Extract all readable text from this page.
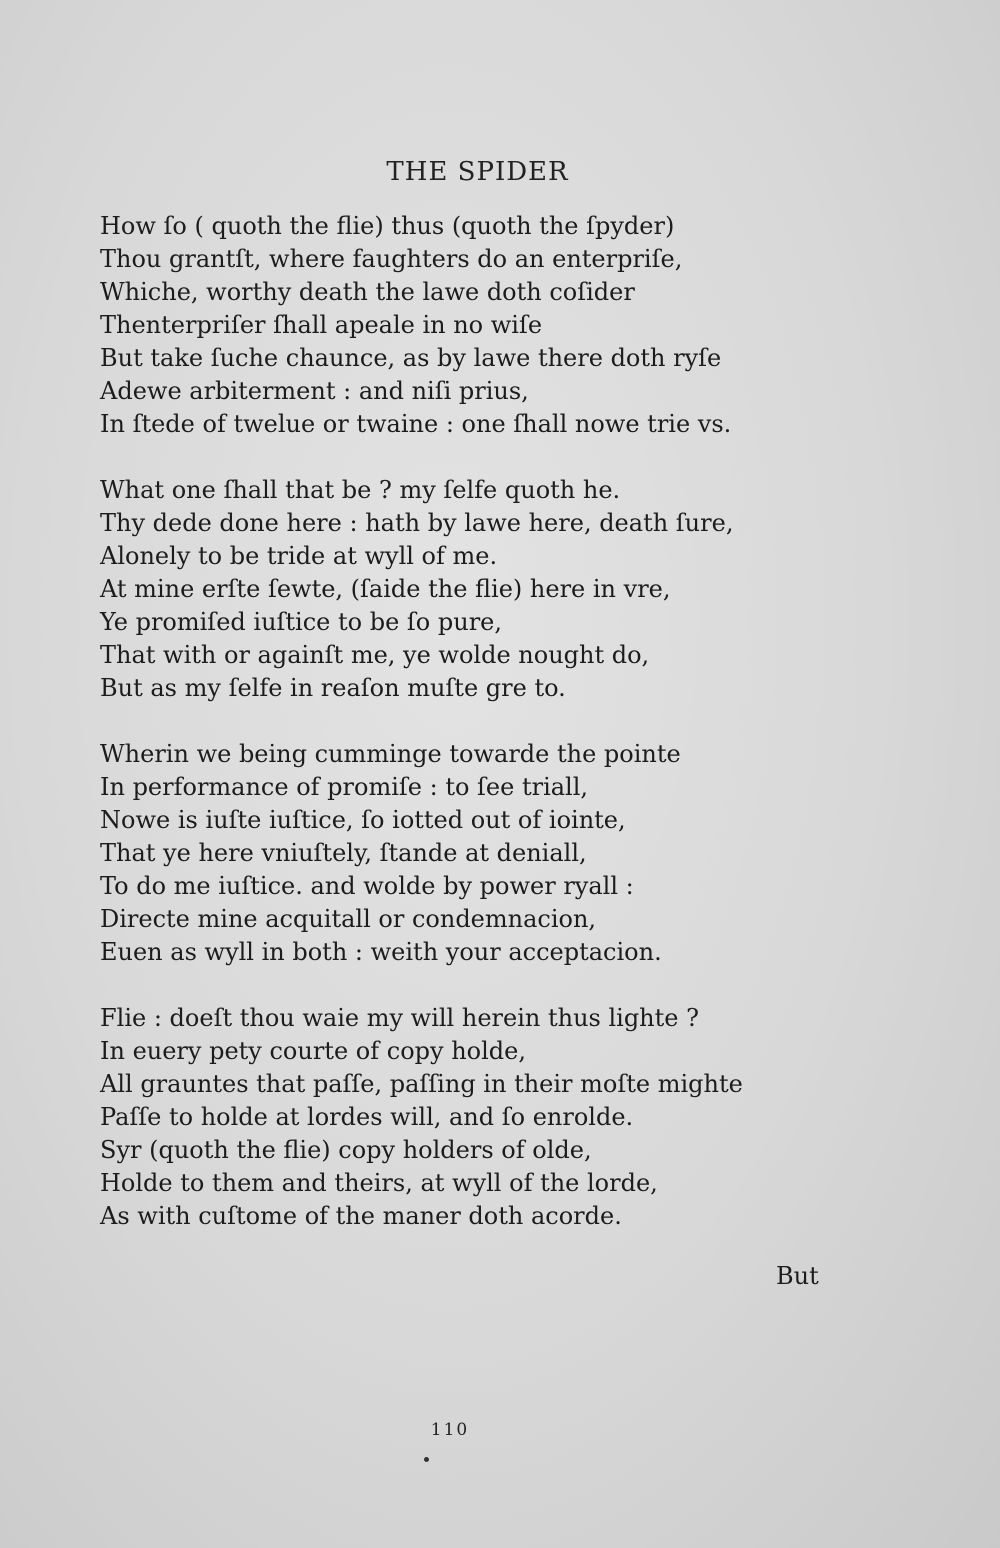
THE SPIDER
How ſo ( quoth the flie) thus (quoth the ſpyder)
Thou grantſt, where faughters do an enterpriſe,
Whiche, worthy death the lawe doth coſider
Thenterpriſer ſhall apeale in no wiſe
But take ſuche chaunce, as by lawe there doth ryſe
Adewe arbiterment : and niſi prius,
In ſtede of twelue or twaine : one ſhall nowe trie vs.
What one ſhall that be ? my ſelfe quoth he.
Thy dede done here : hath by lawe here, death ſure,
Alonely to be tride at wyll of me.
At mine erſte ſewte, (ſaide the flie) here in vre,
Ye promiſed iuſtice to be ſo pure,
That with or againſt me, ye wolde nought do,
But as my ſelfe in reaſon muſte gre to.
Wherin we being cumminge towarde the pointe
In performance of promiſe : to ſee triall,
Nowe is iuſte iuſtice, ſo iotted out of iointe,
That ye here vniuſtely, ſtande at deniall,
To do me iuſtice. and wolde by power ryall :
Directe mine acquitall or condemnacion,
Euen as wyll in both : weith your acceptacion.
Flie : doeſt thou waie my will herein thus lighte ?
In euery pety courte of copy holde,
All grauntes that paſſe, paſſing in their moſte mighte
Paſſe to holde at lordes will, and ſo enrolde.
Syr (quoth the flie) copy holders of olde,
Holde to them and theirs, at wyll of the lorde,
As with cuſtome of the maner doth acorde.
But
110
